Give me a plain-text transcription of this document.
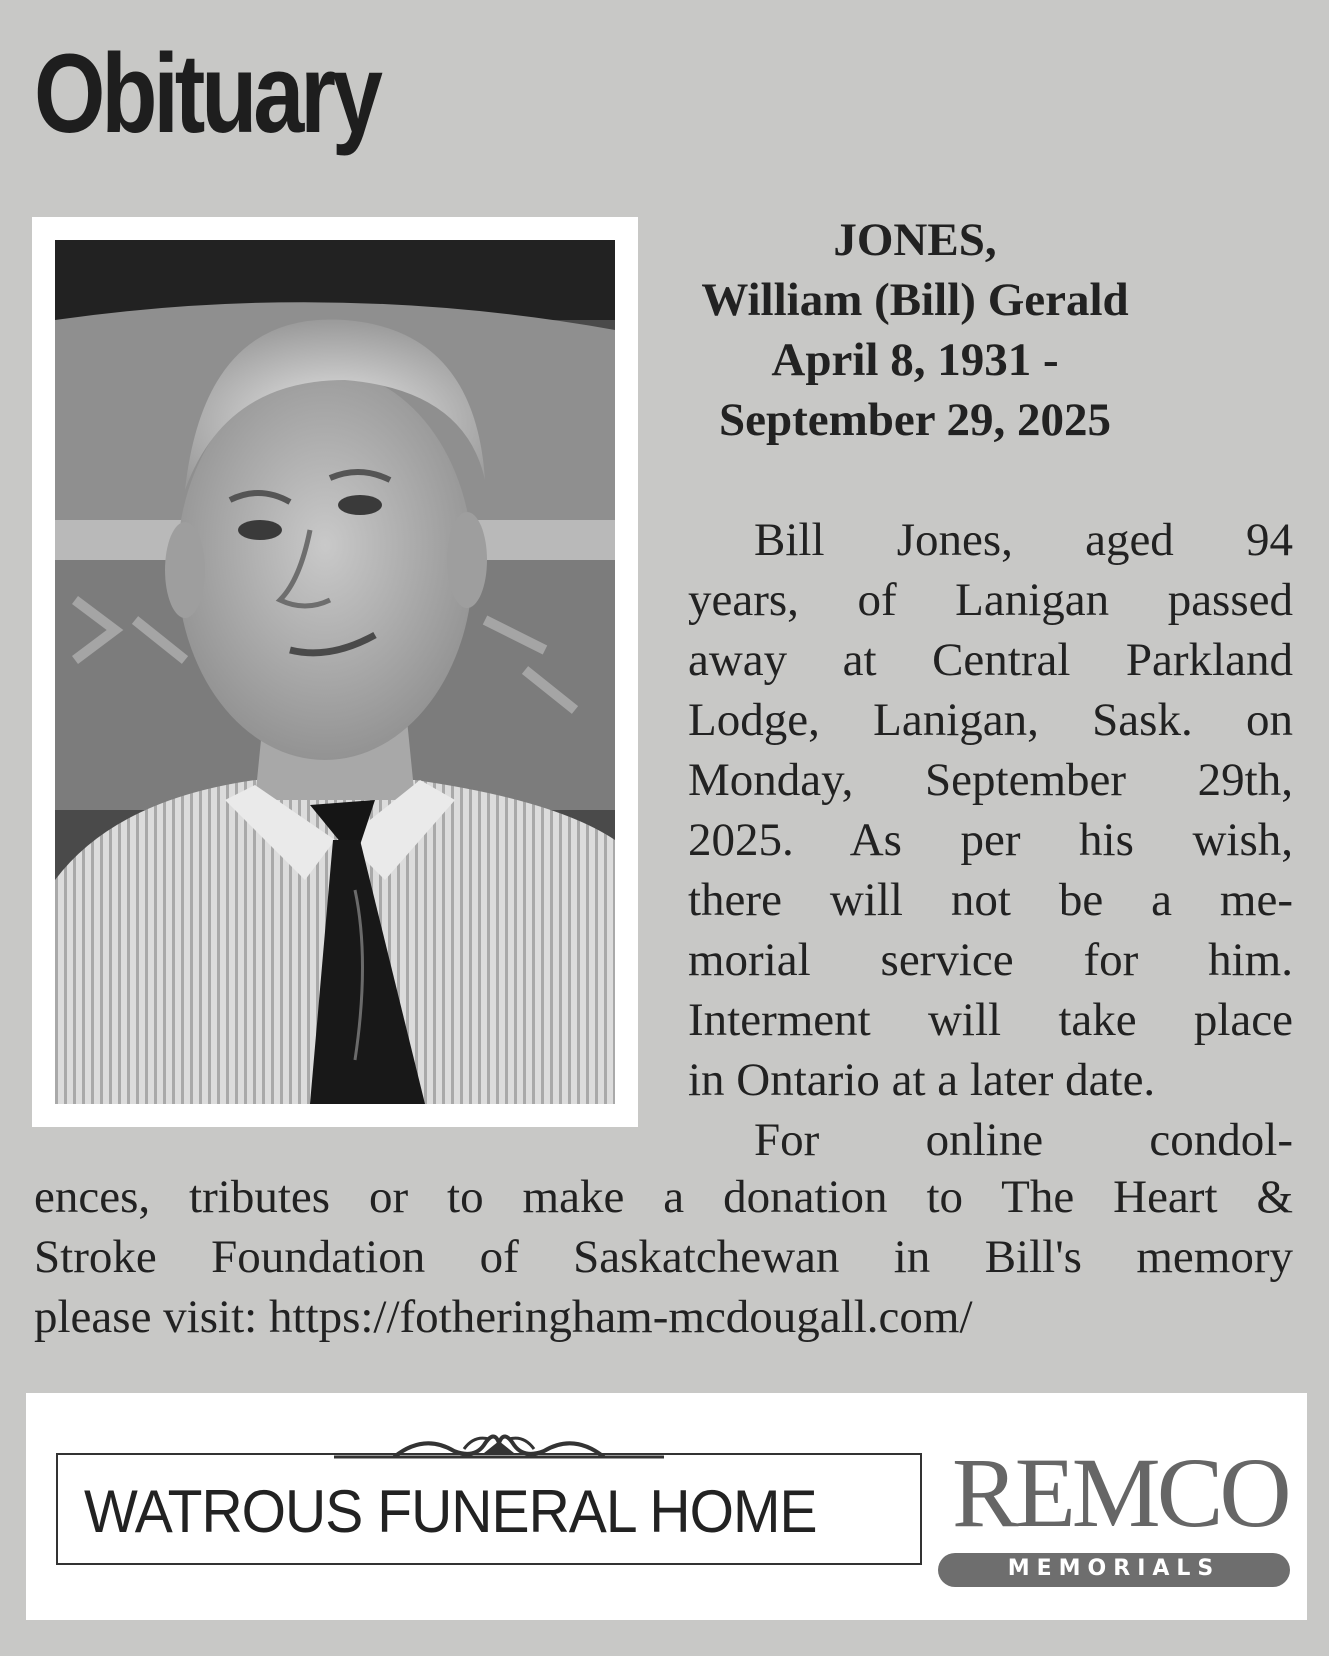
Obituary
JONES,
William (Bill) Gerald
April 8, 1931 -
September 29, 2025
Bill Jones, aged 94
years, of Lanigan passed
away at Central Parkland
Lodge, Lanigan, Sask. on
Monday, September 29th,
2025. As per his wish,
there will not be a me-
morial service for him.
Interment will take place
in Ontario at a later date.
For online condol-
ences, tributes or to make a donation to The Heart &
Stroke Foundation of Saskatchewan in Bill's memory
please visit: https://fotheringham-mcdougall.com/
WATROUS FUNERAL HOME REMCO
MEMORIALS
